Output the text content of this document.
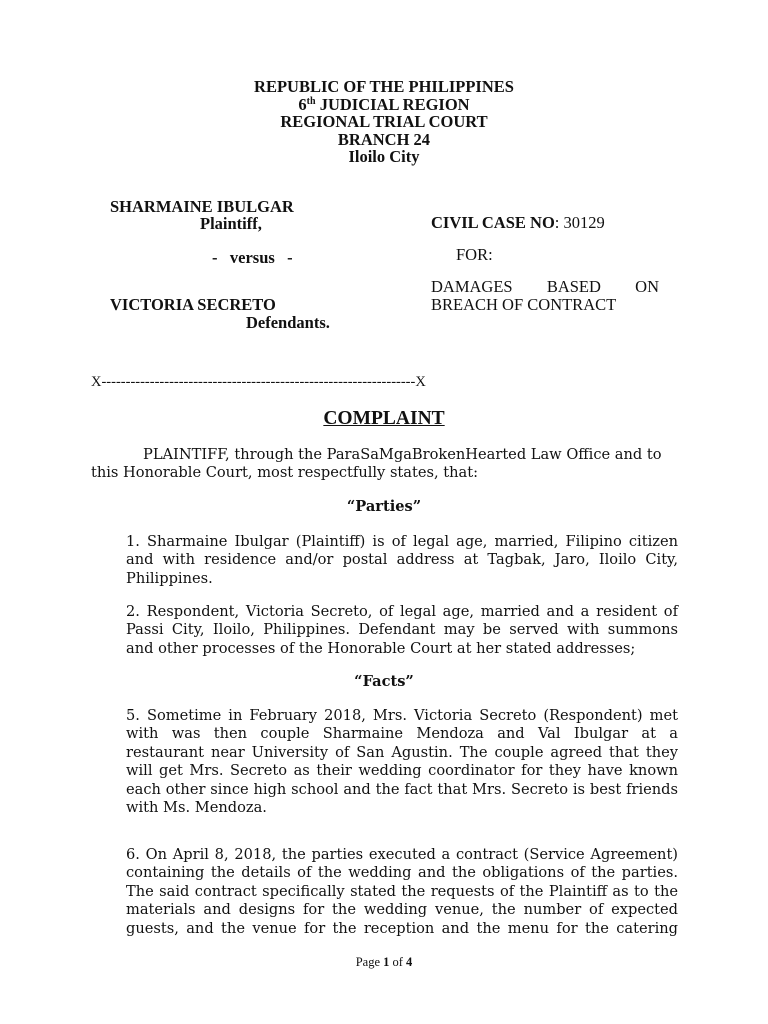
REPUBLIC OF THE PHILIPPINES
6th JUDICIAL REGION
REGIONAL TRIAL COURT
BRANCH 24
Iloilo City
SHARMAINE IBULGAR
Plaintiff,
-   versus   -
VICTORIA SECRETO
Defendants.
CIVIL CASE NO: 30129
FOR:
DAMAGES BASED ON
BREACH OF CONTRACT
X-----------------------------------------------------------------X
COMPLAINT
PLAINTIFF, through the ParaSaMgaBrokenHearted Law Office and to
this Honorable Court, most respectfully states, that:
“Parties”
1. Sharmaine Ibulgar (Plaintiff) is of legal age, married, Filipino citizen
and with residence and/or postal address at Tagbak, Jaro, Iloilo City,
Philippines.
2. Respondent, Victoria Secreto, of legal age, married and a resident of
Passi City, Iloilo, Philippines. Defendant may be served with summons
and other processes of the Honorable Court at her stated addresses;
“Facts”
5. Sometime in February 2018, Mrs. Victoria Secreto (Respondent) met
with was then couple Sharmaine Mendoza and Val Ibulgar at a
restaurant near University of San Agustin. The couple agreed that they
will get Mrs. Secreto as their wedding coordinator for they have known
each other since high school and the fact that Mrs. Secreto is best friends
with Ms. Mendoza.
6. On April 8, 2018, the parties executed a contract (Service Agreement)
containing the details of the wedding and the obligations of the parties.
The said contract specifically stated the requests of the Plaintiff as to the
materials and designs for the wedding venue, the number of expected
guests, and the venue for the reception and the menu for the catering
Page 1 of 4
